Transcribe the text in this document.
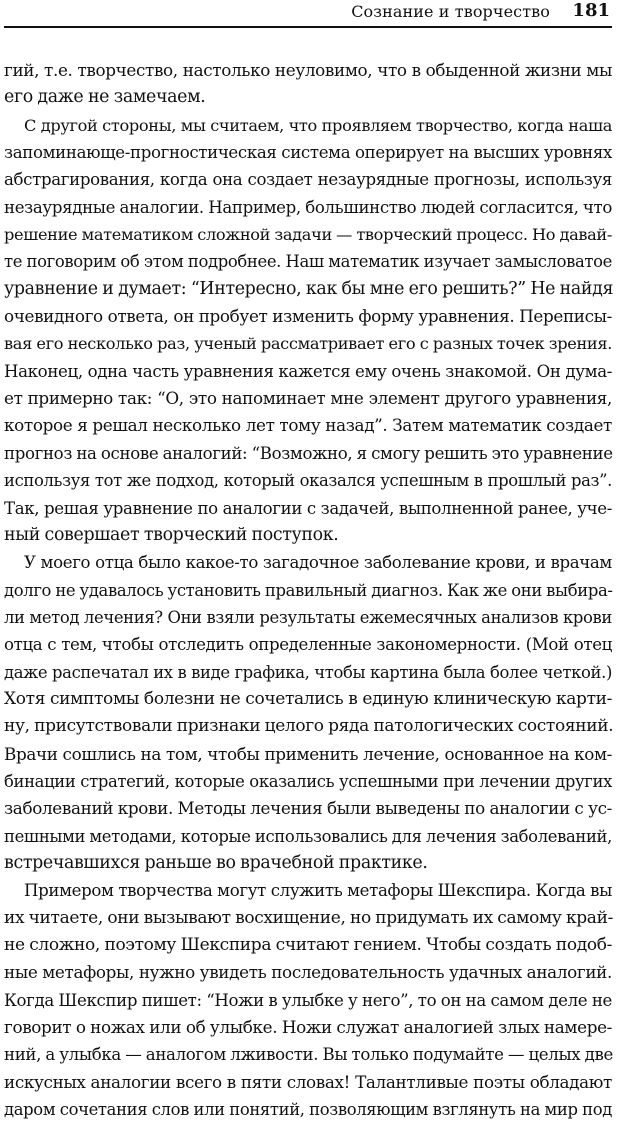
Сознание и творчество 181
гий, т.е. творчество, настолько неуловимо, что в обыденной жизни мы
его даже не замечаем.
С другой стороны, мы считаем, что проявляем творчество, когда наша
запоминающе-прогностическая система оперирует на высших уровнях
абстрагирования, когда она создает незаурядные прогнозы, используя
незаурядные аналогии. Например, большинство людей согласится, что
решение математиком сложной задачи — творческий процесс. Но давай-
те поговорим об этом подробнее. Наш математик изучает замысловатое
уравнение и думает: “Интересно, как бы мне его решить?” Не найдя
очевидного ответа, он пробует изменить форму уравнения. Переписы-
вая его несколько раз, ученый рассматривает его с разных точек зрения.
Наконец, одна часть уравнения кажется ему очень знакомой. Он дума-
ет примерно так: “О, это напоминает мне элемент другого уравнения,
которое я решал несколько лет тому назад”. Затем математик создает
прогноз на основе аналогий: “Возможно, я смогу решить это уравнение
используя тот же подход, который оказался успешным в прошлый раз”.
Так, решая уравнение по аналогии с задачей, выполненной ранее, уче-
ный совершает творческий поступок.
У моего отца было какое-то загадочное заболевание крови, и врачам
долго не удавалось установить правильный диагноз. Как же они выбира-
ли метод лечения? Они взяли результаты ежемесячных анализов крови
отца с тем, чтобы отследить определенные закономерности. (Мой отец
даже распечатал их в виде графика, чтобы картина была более четкой.)
Хотя симптомы болезни не сочетались в единую клиническую карти-
ну, присутствовали признаки целого ряда патологических состояний.
Врачи сошлись на том, чтобы применить лечение, основанное на ком-
бинации стратегий, которые оказались успешными при лечении других
заболеваний крови. Методы лечения были выведены по аналогии с ус-
пешными методами, которые использовались для лечения заболеваний,
встречавшихся раньше во врачебной практике.
Примером творчества могут служить метафоры Шекспира. Когда вы
их читаете, они вызывают восхищение, но придумать их самому край-
не сложно, поэтому Шекспира считают гением. Чтобы создать подоб-
ные метафоры, нужно увидеть последовательность удачных аналогий.
Когда Шекспир пишет: “Ножи в улыбке у него”, то он на самом деле не
говорит о ножах или об улыбке. Ножи служат аналогией злых намере-
ний, а улыбка — аналогом лживости. Вы только подумайте — целых две
искусных аналогии всего в пяти словах! Талантливые поэты обладают
даром сочетания слов или понятий, позволяющим взглянуть на мир под
